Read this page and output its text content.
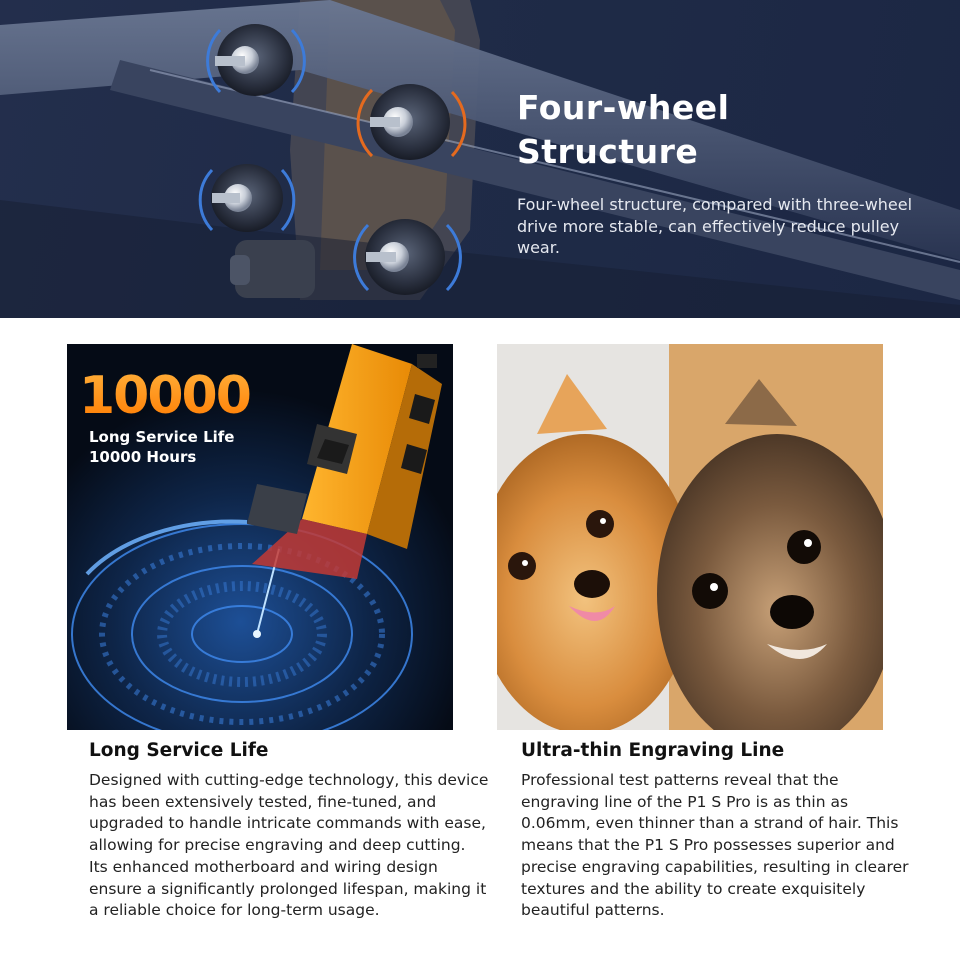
Four-wheel
Structure
Four-wheel structure, compared with three-wheel drive more stable, can effectively reduce pulley wear.
10000
Long Service Life
10000 Hours
Long Service Life
Designed with cutting-edge technology, this device has been extensively tested, fine-tuned, and upgraded to handle intricate commands with ease, allowing for precise engraving and deep cutting. Its enhanced motherboard and wiring design ensure a significantly prolonged lifespan, making it a reliable choice for long-term usage.
Ultra-thin Engraving Line
Professional test patterns reveal that the engraving line of the P1 S Pro is as thin as 0.06mm, even thinner than a strand of hair. This means that the P1 S Pro possesses superior and precise engraving capabilities, resulting in clearer textures and the ability to create exquisitely beautiful patterns.
